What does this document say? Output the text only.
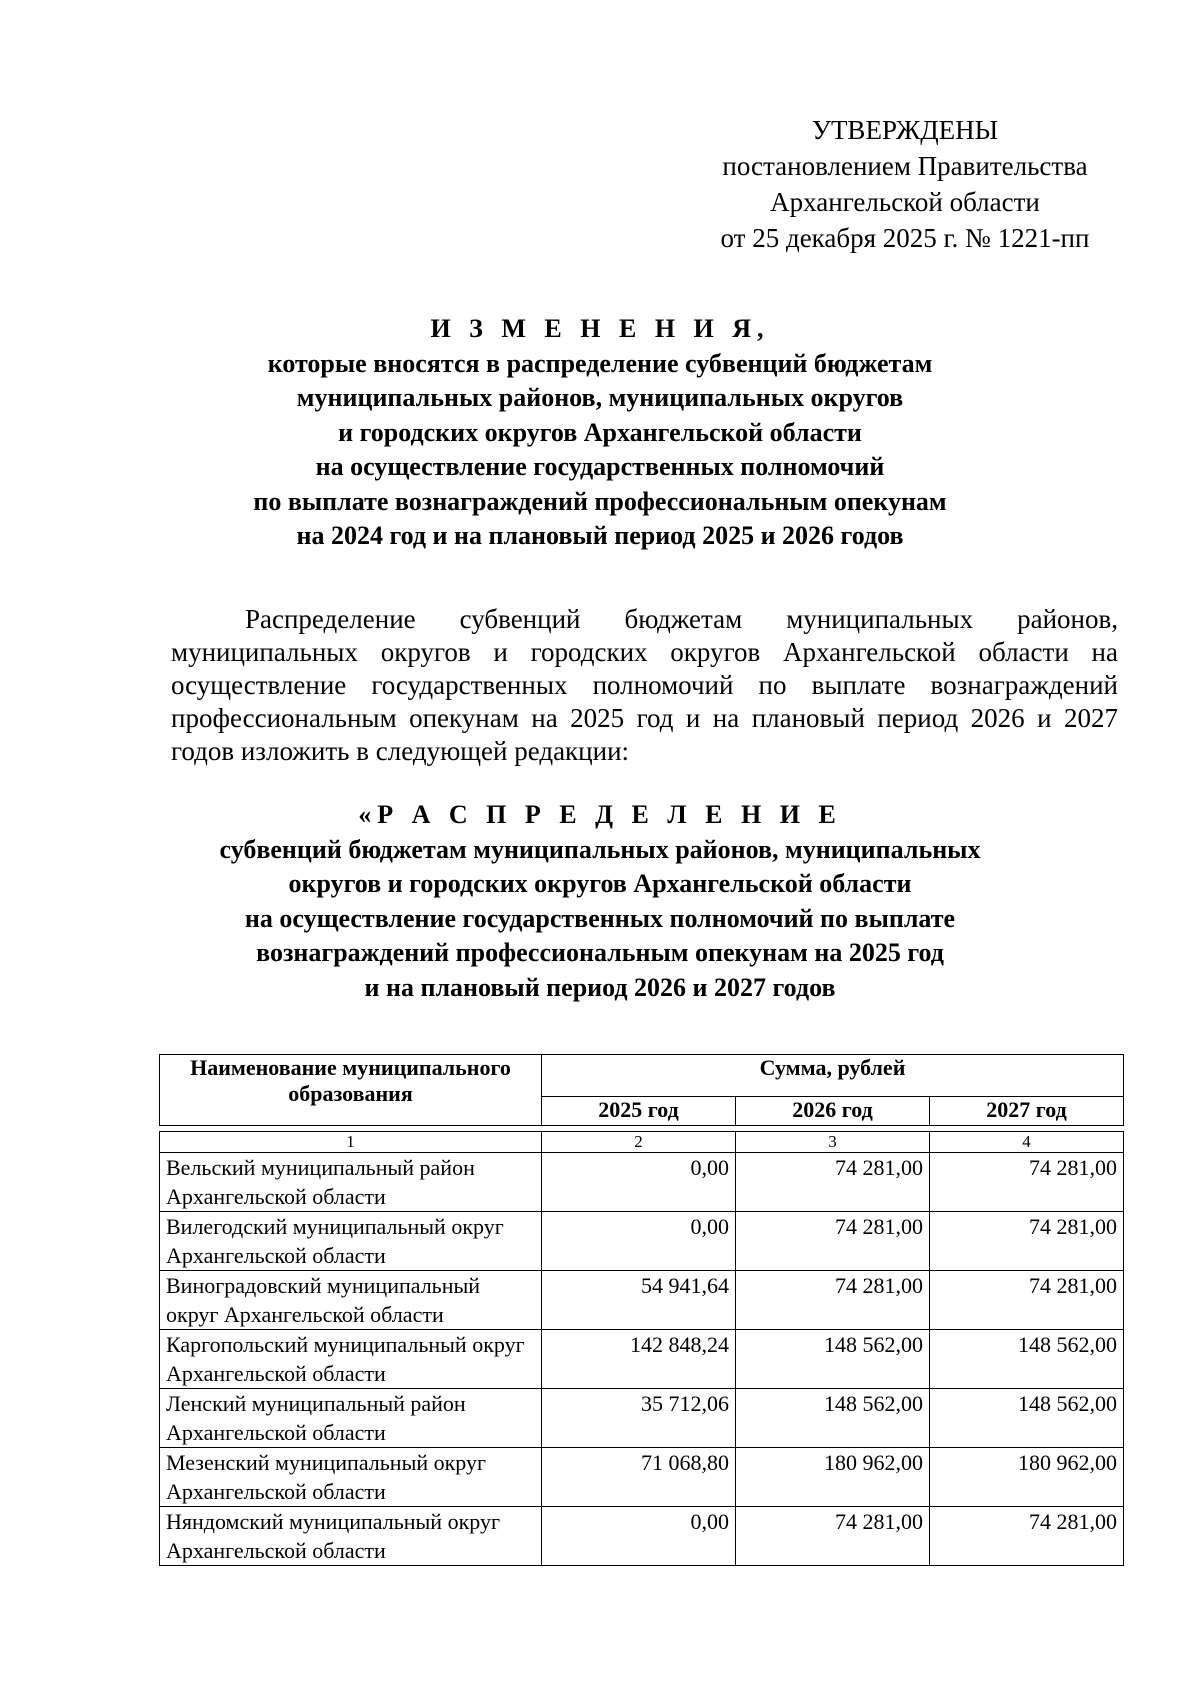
УТВЕРЖДЕНЫ
постановлением Правительства
Архангельской области
от 25 декабря 2025 г. № 1221-пп
И З М Е Н Е Н И Я,
которые вносятся в распределение субвенций бюджетам
муниципальных районов, муниципальных округов
и городских округов Архангельской области
на осуществление государственных полномочий
по выплате вознаграждений профессиональным опекунам
на 2024 год и на плановый период 2025 и 2026 годов

Распределение субвенций бюджетам муниципальных районов, муниципальных округов и городских округов Архангельской области на осуществление государственных полномочий по выплате вознаграждений профессиональным опекунам на 2025 год и на плановый период 2026 и 2027 годов изложить в следующей редакции:

«Р А С П Р Е Д Е Л Е Н И Е
субвенций бюджетам муниципальных районов, муниципальных
округов и городских округов Архангельской области
на осуществление государственных полномочий по выплате
вознаграждений профессиональным опекунам на 2025 год
и на плановый период 2026 и 2027 годов
Наименование муниципального образования	Сумма, рублей		
	2025 год	2026 год	2027 год
1	2	3	4
Вельский муниципальный район Архангельской области	0,00	74 281,00	74 281,00
Вилегодский муниципальный округ Архангельской области	0,00	74 281,00	74 281,00
Виноградовский муниципальный округ Архангельской области	54 941,64	74 281,00	74 281,00
Каргопольский муниципальный округ Архангельской области	142 848,24	148 562,00	148 562,00
Ленский муниципальный район Архангельской области	35 712,06	148 562,00	148 562,00
Мезенский муниципальный округ Архангельской области	71 068,80	180 962,00	180 962,00
Няндомский муниципальный округ Архангельской области	0,00	74 281,00	74 281,00
